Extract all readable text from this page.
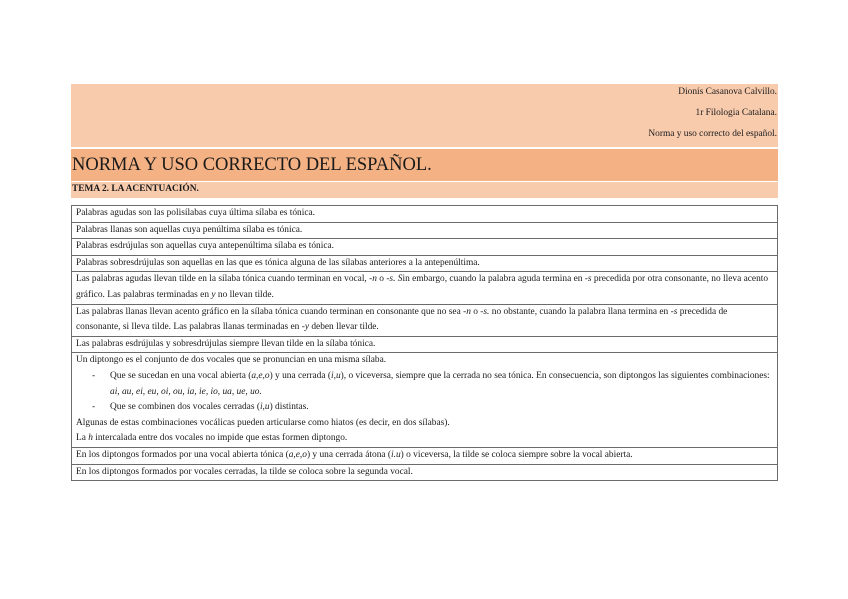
Dionís Casanova Calvillo.
1r Filologia Catalana.
Norma y uso correcto del español.
NORMA Y USO CORRECTO DEL ESPAÑOL.
TEMA 2. LA ACENTUACIÓN.
Palabras agudas son las polisílabas cuya última sílaba es tónica.
Palabras llanas son aquellas cuya penúltima sílaba es tónica.
Palabras esdrújulas son aquellas cuya antepenúltima sílaba es tónica.
Palabras sobresdrújulas son aquellas en las que es tónica alguna de las sílabas anteriores a la antepenúltima.
Las palabras agudas llevan tilde en la sílaba tónica cuando terminan en vocal, -n o -s. Sin embargo, cuando la palabra aguda termina en -s precedida por otra consonante, no lleva acento gráfico. Las palabras terminadas en y no llevan tilde.
Las palabras llanas llevan acento gráfico en la sílaba tónica cuando terminan en consonante que no sea -n o -s. no obstante, cuando la palabra llana termina en -s precedida de consonante, si lleva tilde. Las palabras llanas terminadas en -y deben llevar tilde.
Las palabras esdrújulas y sobresdrújulas siempre llevan tilde en la sílaba tónica.

Un diptongo es el conjunto de dos vocales que se pronuncian en una misma sílaba.
-	Que se sucedan en una vocal abierta (a,e,o) y una cerrada (i,u), o viceversa, siempre que la cerrada no sea tónica. En consecuencia, son diptongos las siguientes combinaciones: ai, au, ei, eu, oi, ou, ia, ie, io, ua, ue, uo.
-	Que se combinen dos vocales cerradas (i,u) distintas.
Algunas de estas combinaciones vocálicas pueden articularse como hiatos (es decir, en dos sílabas).
La h intercalada entre dos vocales no impide que estas formen diptongo.

En los diptongos formados por una vocal abierta tónica (a,e,o) y una cerrada átona (i.u) o viceversa, la tilde se coloca siempre sobre la vocal abierta.
En los diptongos formados por vocales cerradas, la tilde se coloca sobre la segunda vocal.
